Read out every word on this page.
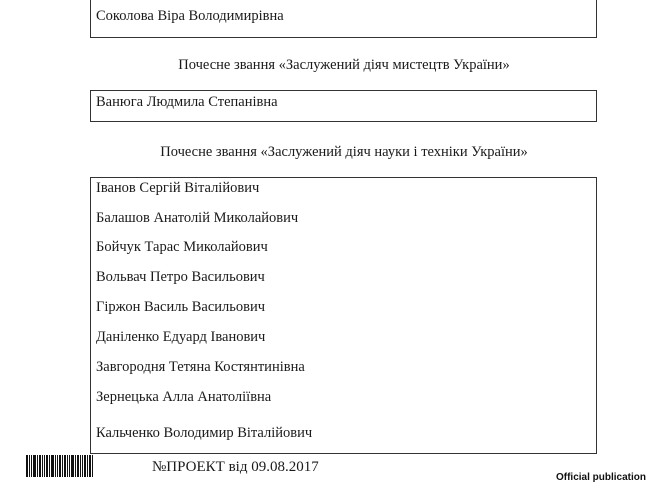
Соколова Віра Володимирівна
Почесне звання «Заслужений діяч мистецтв України»
Ванюга Людмила Степанівна
Почесне звання «Заслужений діяч науки і техніки України»
Іванов Сергій Віталійович
Балашов Анатолій Миколайович
Бойчук Тарас Миколайович
Вольвач Петро Васильович
Гіржон Василь Васильович
Даніленко Едуард Іванович
Завгородня Тетяна Костянтинівна
Зернецька Алла Анатоліївна
Кальченко Володимир Віталійович
№ПРОЕКТ від 09.08.2017
Official publication
